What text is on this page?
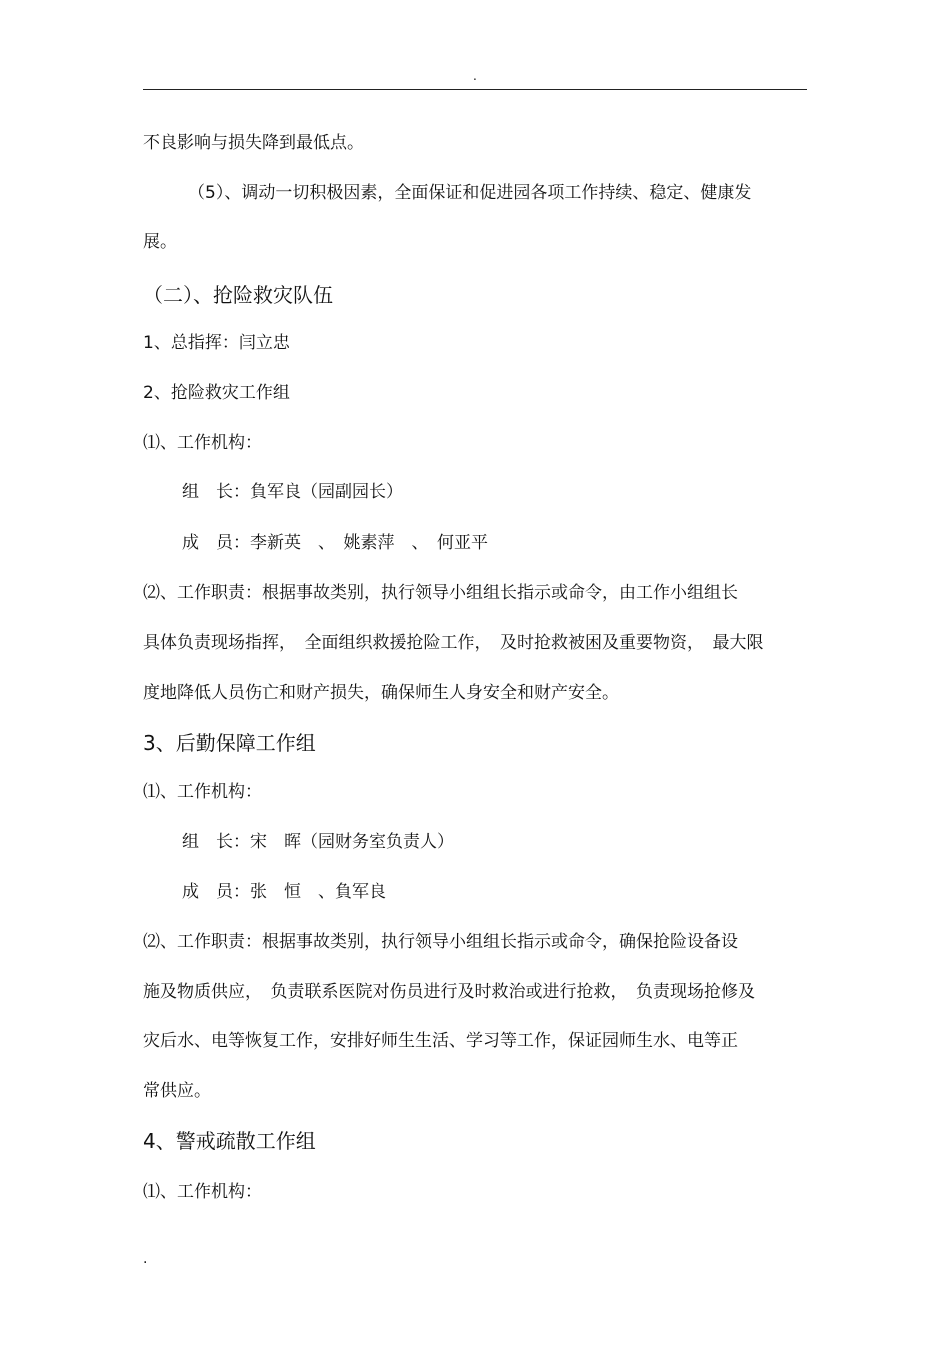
.
不良影响与损失降到最低点。
（5）、调动一切积极因素，全面保证和促进园各项工作持续、稳定、健康发
展。
（二）、抢险救灾队伍
1、总指挥：闫立忠
2、抢险救灾工作组
⑴、工作机构：
组　长：負军良（园副园长）
成　员：李新英　、　姚素萍　、　何亚平
⑵、工作职责：根据事故类别，执行领导小组组长指示或命令，由工作小组组长
具体负责现场指挥，　全面组织救援抢险工作，　及时抢救被困及重要物资，　最大限
度地降低人员伤亡和财产损失，确保师生人身安全和财产安全。
3、后勤保障工作组
⑴、工作机构：
组　长：宋　晖（园财务室负责人）
成　员：张　恒　、負军良
⑵、工作职责：根据事故类别，执行领导小组组长指示或命令，确保抢险设备设
施及物质供应，　负责联系医院对伤员进行及时救治或进行抢救，　负责现场抢修及
灾后水、电等恢复工作，安排好师生生活、学习等工作，保证园师生水、电等正
常供应。
4、警戒疏散工作组
⑴、工作机构：
.
